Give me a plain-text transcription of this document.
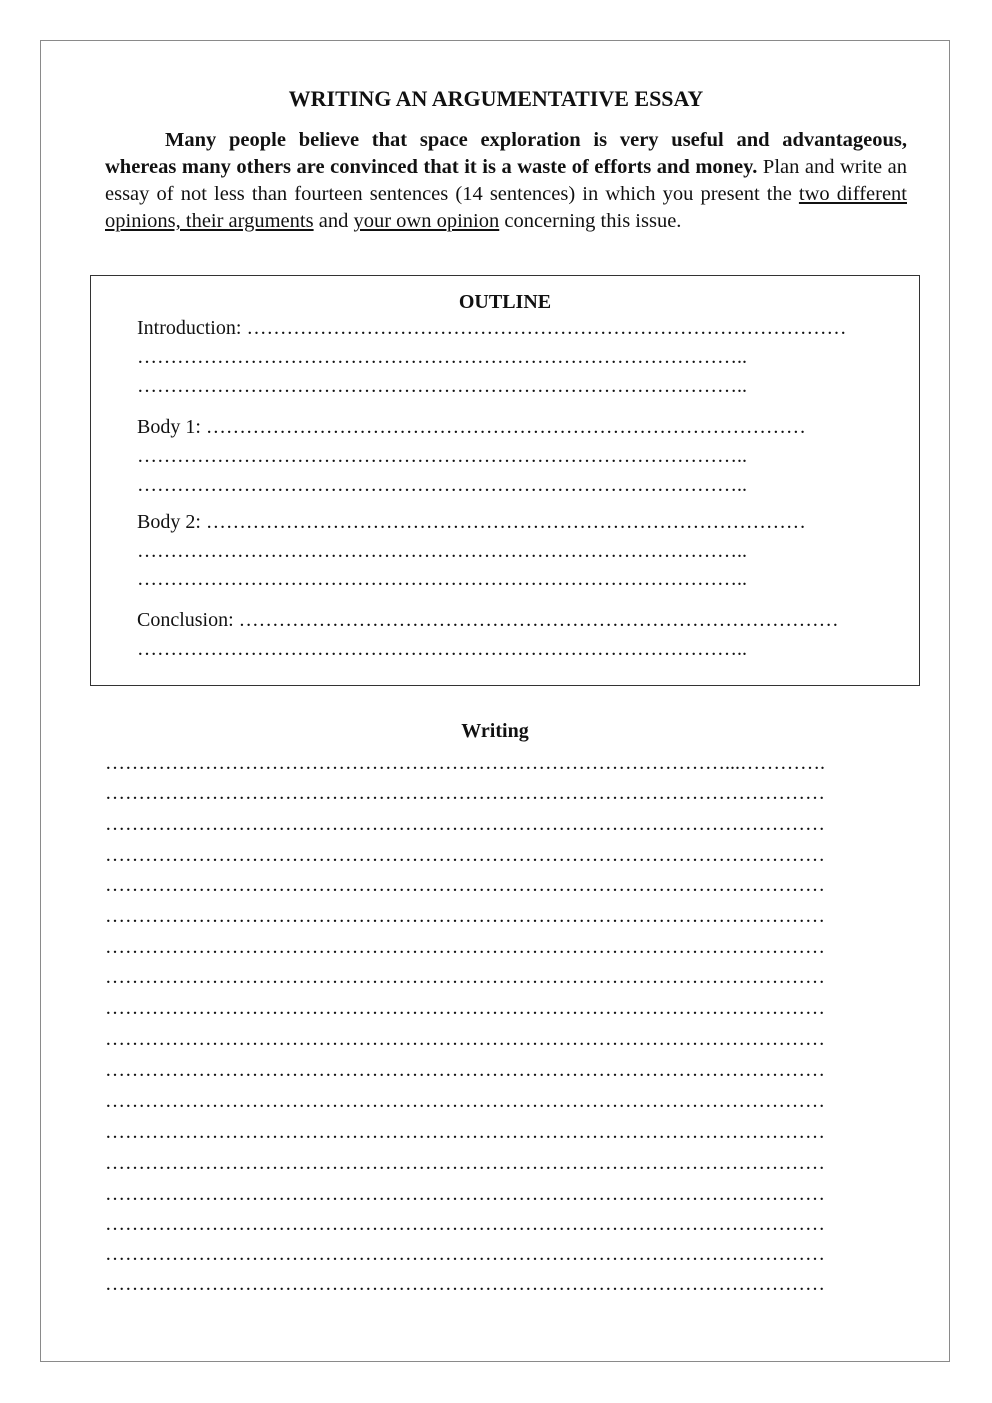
WRITING AN ARGUMENTATIVE ESSAY

Many people believe that space exploration is very useful and advantageous, whereas many others are convinced that it is a waste of efforts and money. Plan and write an essay of not less than fourteen sentences (14 sentences) in which you present the two different opinions, their arguments and your own opinion concerning this issue.

OUTLINE
Introduction: ………………………………………………………………………………
………………………………………………………………………………..
………………………………………………………………………………..
Body 1: ………………………………………………………………………………
………………………………………………………………………………..
………………………………………………………………………………..
Body 2: ………………………………………………………………………………
………………………………………………………………………………..
………………………………………………………………………………..
Conclusion: ………………………………………………………………………………
………………………………………………………………………………..
Writing
…………………………………………………………………………………...………….
………………………………………………………………………………………………
………………………………………………………………………………………………
………………………………………………………………………………………………
………………………………………………………………………………………………
………………………………………………………………………………………………
………………………………………………………………………………………………
………………………………………………………………………………………………
………………………………………………………………………………………………
………………………………………………………………………………………………
………………………………………………………………………………………………
………………………………………………………………………………………………
………………………………………………………………………………………………
………………………………………………………………………………………………
………………………………………………………………………………………………
………………………………………………………………………………………………
………………………………………………………………………………………………
………………………………………………………………………………………………
